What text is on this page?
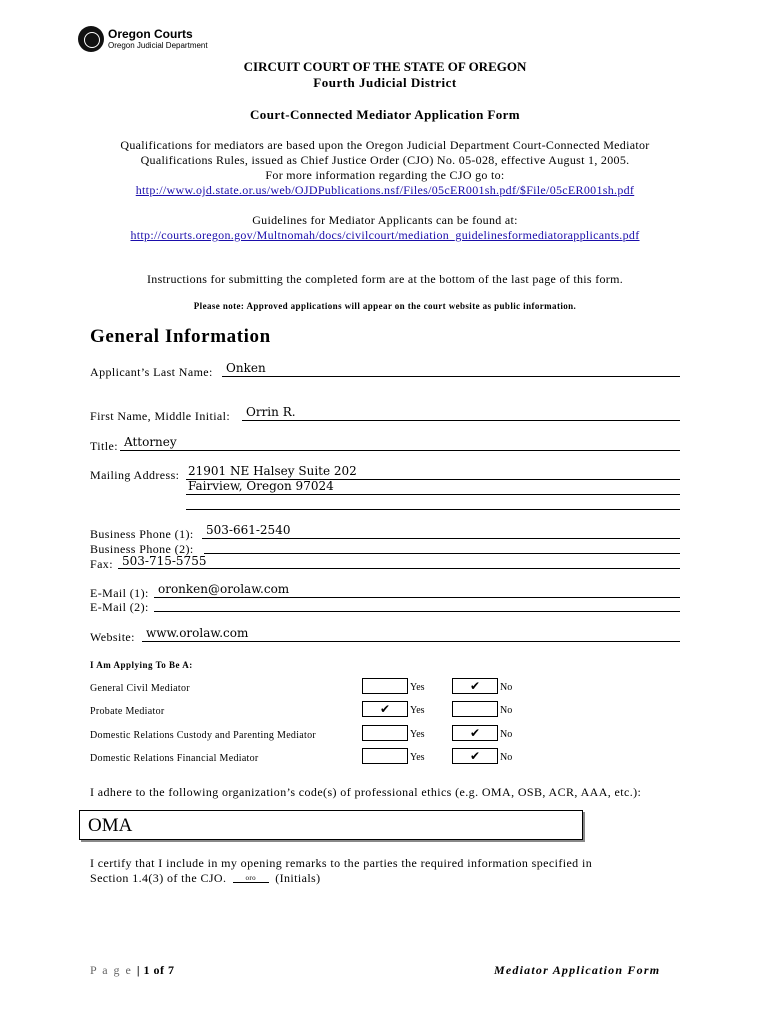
Oregon Courts
Oregon Judicial Department
CIRCUIT COURT OF THE STATE OF OREGON
Fourth Judicial District
Court-Connected Mediator Application Form
Qualifications for mediators are based upon the Oregon Judicial Department Court-Connected Mediator
Qualifications Rules, issued as Chief Justice Order (CJO) No. 05-028, effective August 1, 2005.
For more information regarding the CJO go to:
http://www.ojd.state.or.us/web/OJDPublications.nsf/Files/05cER001sh.pdf/$File/05cER001sh.pdf
Guidelines for Mediator Applicants can be found at:
http://courts.oregon.gov/Multnomah/docs/civilcourt/mediation_guidelinesformediatorapplicants.pdf
Instructions for submitting the completed form are at the bottom of the last page of this form.
Please note: Approved applications will appear on the court website as public information.
General Information
Applicant’s Last Name: Onken
First Name, Middle Initial: Orrin R.
Title: Attorney
Mailing Address: 21901 NE Halsey Suite 202
Fairview, Oregon 97024
Business Phone (1): 503-661-2540
Business Phone (2):
Fax: 503-715-5755
E-Mail (1): oronken@orolaw.com
E-Mail (2):
Website: www.orolaw.com
I Am Applying To Be A:
General Civil Mediator	Yes	✔	No
Probate Mediator	✔	Yes	No
Domestic Relations Custody and Parenting Mediator	Yes	✔	No
Domestic Relations Financial Mediator	Yes	✔	No
I adhere to the following organization’s code(s) of professional ethics (e.g. OMA, OSB, ACR, AAA, etc.):
OMA
I certify that I include in my opening remarks to the parties the required information specified in
Section 1.4(3) of the CJO.	oro (Initials)
P a g e | 1 of 7	Mediator Application Form
